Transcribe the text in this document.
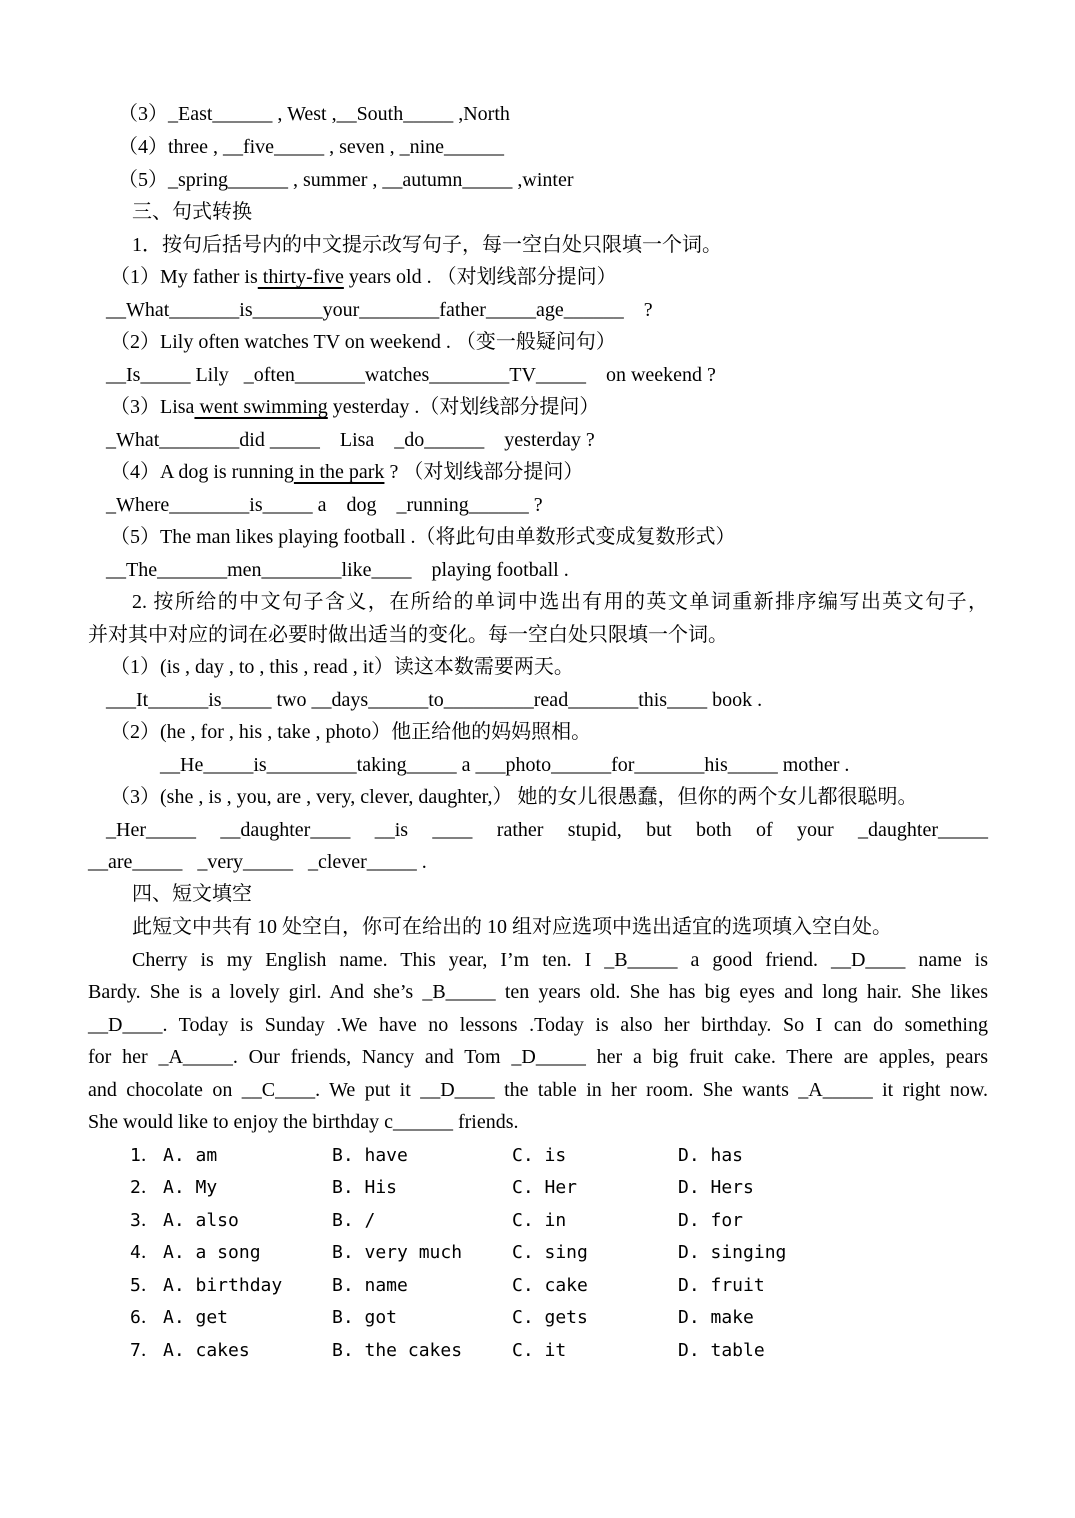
（3）_East______ , West ,__South_____ ,North
（4）three , __five_____ , seven , _nine______
（5）_spring______ , summer , __autumn_____ ,winter
三、句式转换
1．按句后括号内的中文提示改写句子，每一空白处只限填一个词。
（1）My father is thirty-five years old . （对划线部分提问）
__What_______is_______your________father_____age______    ?
（2）Lily often watches TV on weekend . （变一般疑问句）
__Is_____ Lily   _often_______watches________TV_____    on weekend ?
（3）Lisa went swimming yesterday .（对划线部分提问）
_What________did _____    Lisa    _do______    yesterday ?
（4）A dog is running in the park ? （对划线部分提问）
_Where________is_____ a    dog    _running______ ?
（5）The man likes playing football .（将此句由单数形式变成复数形式）
__The_______men________like____    playing football .
2. 按所给的中文句子含义，在所给的单词中选出有用的英文单词重新排序编写出英文句子，
并对其中对应的词在必要时做出适当的变化。每一空白处只限填一个词。
（1）(is , day , to , this , read , it）读这本数需要两天。
___It______is_____ two __days______to_________read_______this____ book .
（2）(he , for , his , take , photo）他正给他的妈妈照相。
__He_____is_________taking_____ a ___photo______for_______his_____ mother .
（3）(she , is , you, are , very, clever, daughter,） 她的女儿很愚蠢，但你的两个女儿都很聪明。
_Her_____ __daughter____ __is ____ rather stupid, but both of your _daughter_____
__are_____   _very_____   _clever_____ .
四、短文填空
此短文中共有 10 处空白，你可在给出的 10 组对应选项中选出适宜的选项填入空白处。
Cherry is my English name. This year, I’m ten. I _B_____ a good friend. __D____ name is
Bardy. She is a lovely girl. And she’s _B_____ ten years old. She has big eyes and long hair. She likes
__D____. Today is Sunday .We have no lessons .Today is also her birthday. So I can do something
for her _A_____. Our friends, Nancy and Tom _D_____ her a big fruit cake. There are apples, pears
and chocolate on __C____. We put it __D____ the table in her room. She wants _A_____ it right now.
She would like to enjoy the birthday c______ friends.
1． A. am	B. have	C. is	D. has
2． A. My	B. His	C. Her	D. Hers
3． A. also	B. /	C. in	D. for
4． A. a song	B. very much	C. sing	D. singing
5． A. birthday	B. name	C. cake	D. fruit
6． A. get	B. got	C. gets	D. make
7． A. cakes	B. the cakes	C. it	D. table
